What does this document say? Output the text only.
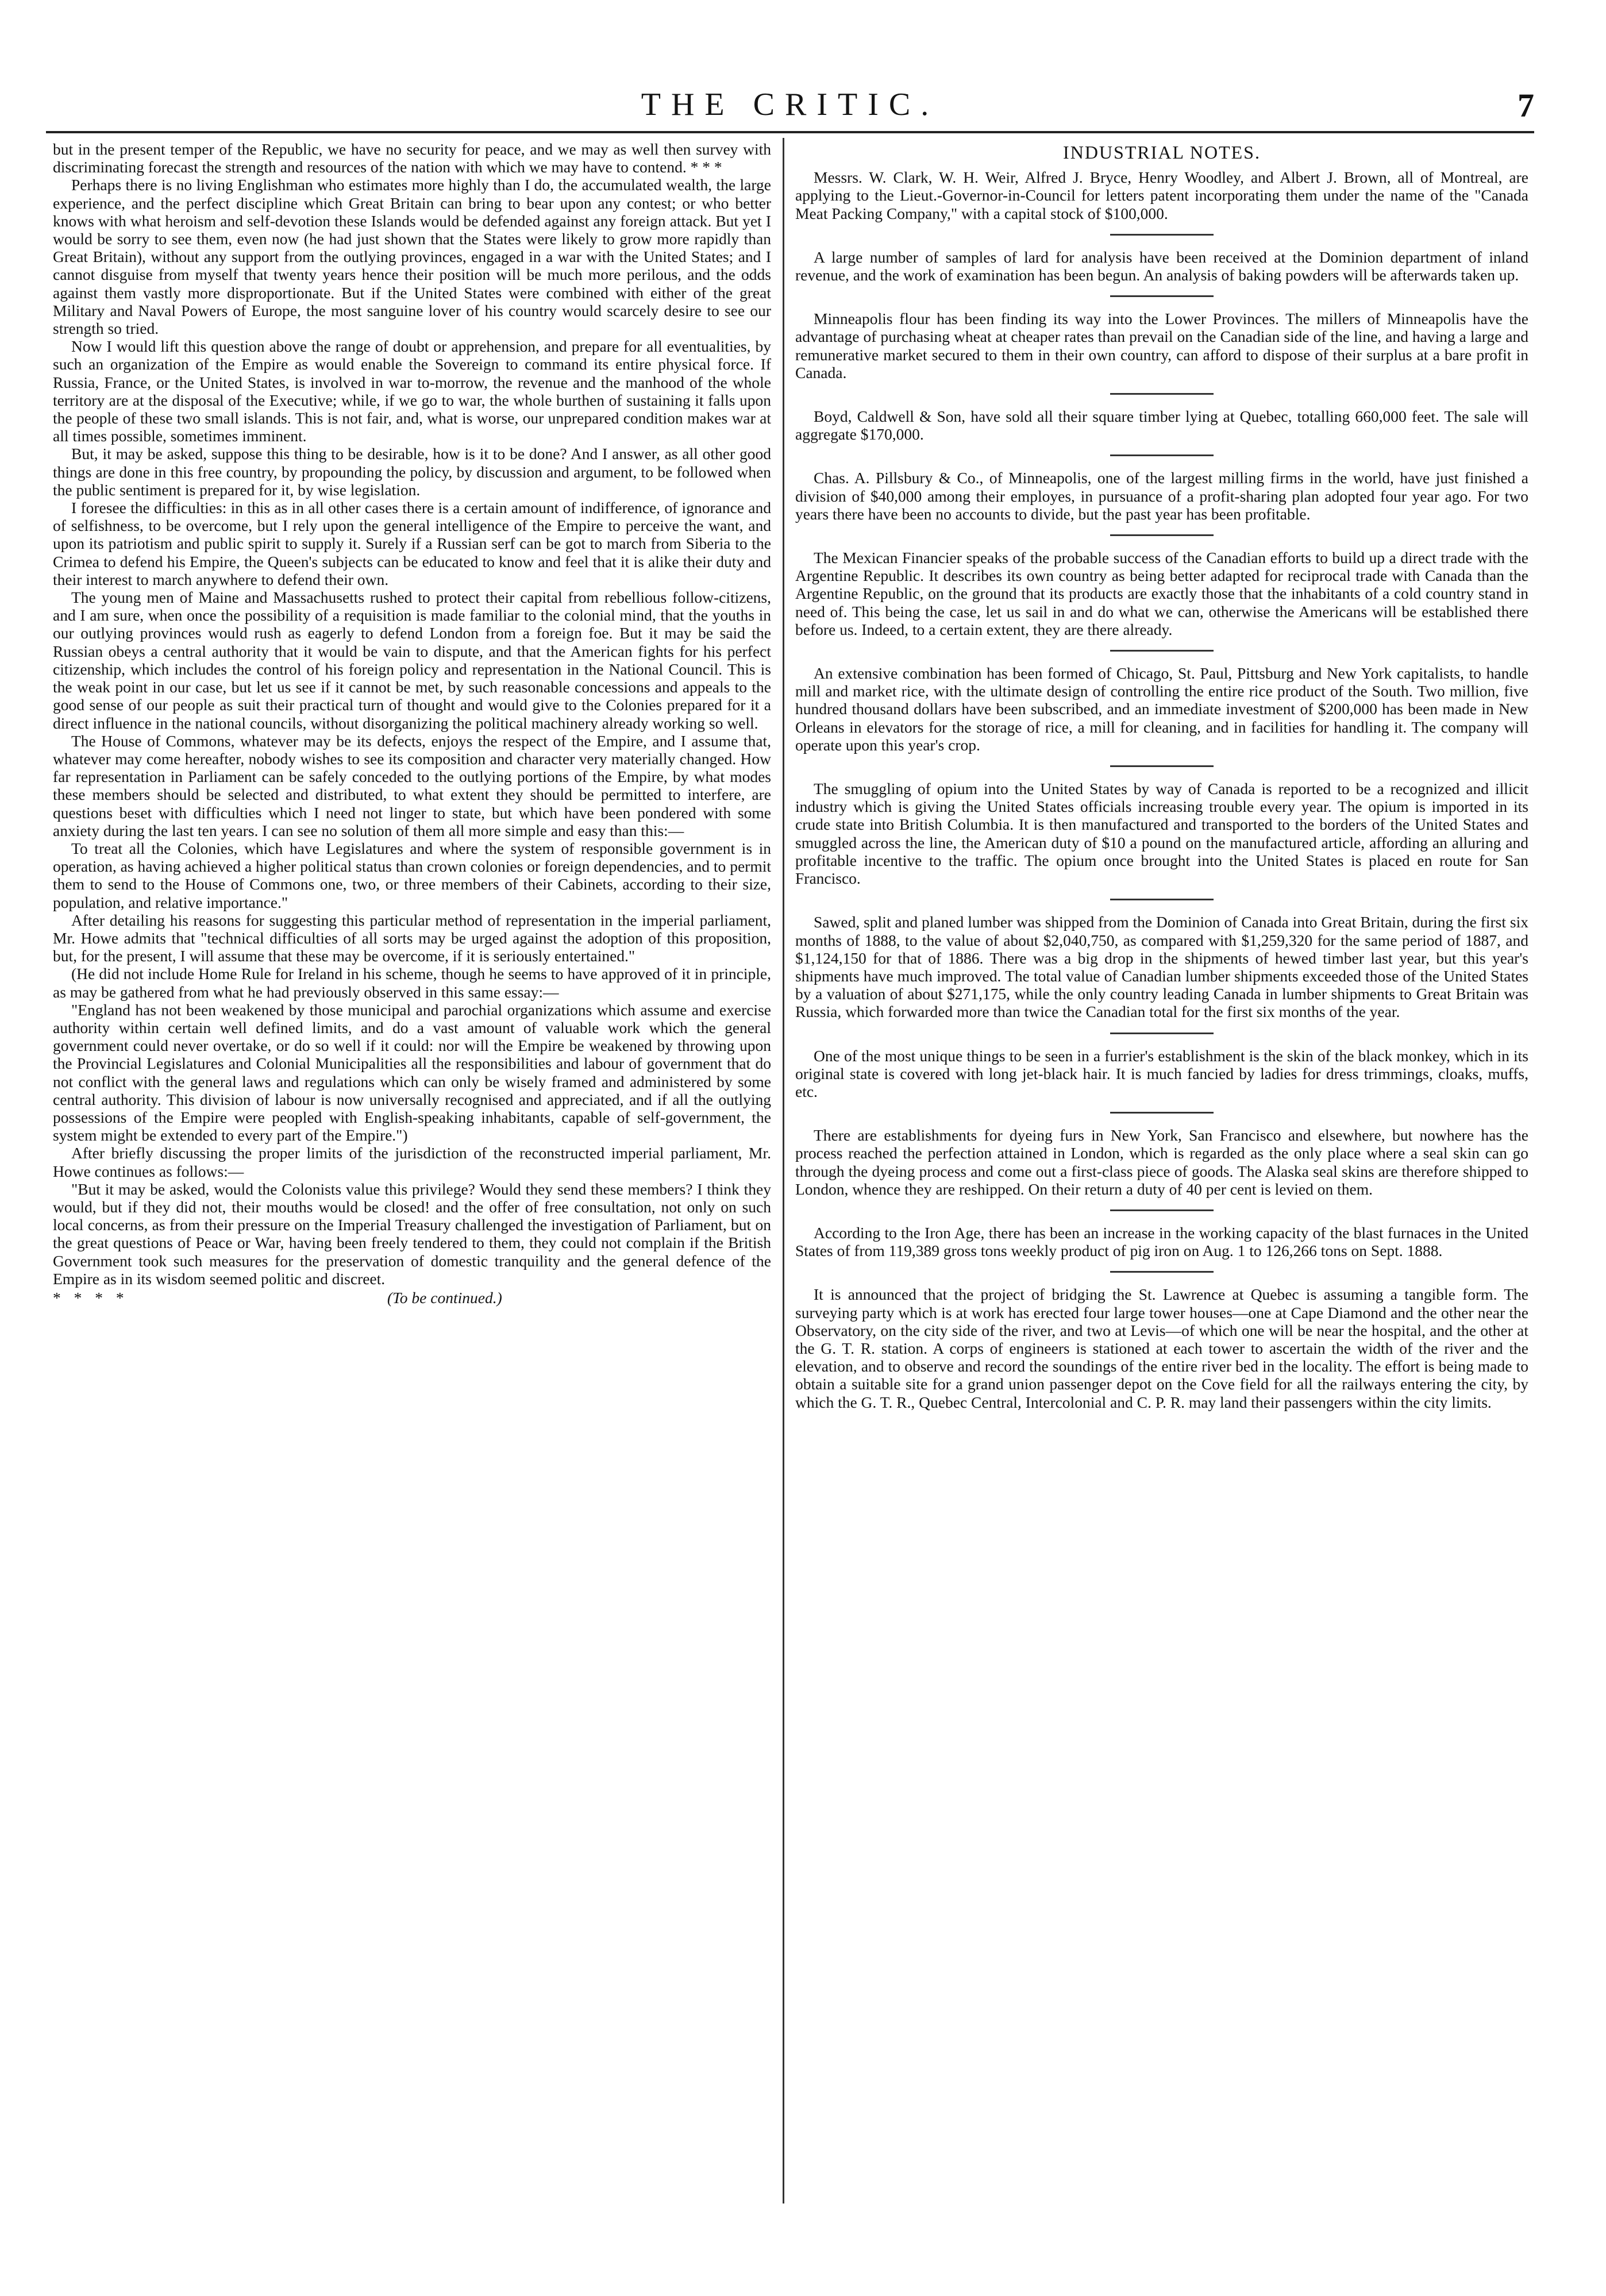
THE CRITIC.	7

but in the present temper of the Republic, we have no security for peace, and we may as well then survey with discriminating forecast the strength and resources of the nation with which we may have to contend. * * *

Perhaps there is no living Englishman who estimates more highly than I do, the accumulated wealth, the large experience, and the perfect discipline which Great Britain can bring to bear upon any contest; or who better knows with what heroism and self-devotion these Islands would be defended against any foreign attack. But yet I would be sorry to see them, even now (he had just shown that the States were likely to grow more rapidly than Great Britain), without any support from the outlying provinces, engaged in a war with the United States; and I cannot disguise from myself that twenty years hence their position will be much more perilous, and the odds against them vastly more disproportionate. But if the United States were combined with either of the great Military and Naval Powers of Europe, the most sanguine lover of his country would scarcely desire to see our strength so tried.

Now I would lift this question above the range of doubt or apprehension, and prepare for all eventualities, by such an organization of the Empire as would enable the Sovereign to command its entire physical force. If Russia, France, or the United States, is involved in war to-morrow, the revenue and the manhood of the whole territory are at the disposal of the Executive; while, if we go to war, the whole burthen of sustaining it falls upon the people of these two small islands. This is not fair, and, what is worse, our unprepared condition makes war at all times possible, sometimes imminent.

But, it may be asked, suppose this thing to be desirable, how is it to be done? And I answer, as all other good things are done in this free country, by propounding the policy, by discussion and argument, to be followed when the public sentiment is prepared for it, by wise legislation.

I foresee the difficulties: in this as in all other cases there is a certain amount of indifference, of ignorance and of selfishness, to be overcome, but I rely upon the general intelligence of the Empire to perceive the want, and upon its patriotism and public spirit to supply it. Surely if a Russian serf can be got to march from Siberia to the Crimea to defend his Empire, the Queen's subjects can be educated to know and feel that it is alike their duty and their interest to march anywhere to defend their own.

The young men of Maine and Massachusetts rushed to protect their capital from rebellious follow-citizens, and I am sure, when once the possibility of a requisition is made familiar to the colonial mind, that the youths in our outlying provinces would rush as eagerly to defend London from a foreign foe. But it may be said the Russian obeys a central authority that it would be vain to dispute, and that the American fights for his perfect citizenship, which includes the control of his foreign policy and representation in the National Council. This is the weak point in our case, but let us see if it cannot be met, by such reasonable concessions and appeals to the good sense of our people as suit their practical turn of thought and would give to the Colonies prepared for it a direct influence in the national councils, without disorganizing the political machinery already working so well.

The House of Commons, whatever may be its defects, enjoys the respect of the Empire, and I assume that, whatever may come hereafter, nobody wishes to see its composition and character very materially changed. How far representation in Parliament can be safely conceded to the outlying portions of the Empire, by what modes these members should be selected and distributed, to what extent they should be permitted to interfere, are questions beset with difficulties which I need not linger to state, but which have been pondered with some anxiety during the last ten years. I can see no solution of them all more simple and easy than this:—

To treat all the Colonies, which have Legislatures and where the system of responsible government is in operation, as having achieved a higher political status than crown colonies or foreign dependencies, and to permit them to send to the House of Commons one, two, or three members of their Cabinets, according to their size, population, and relative importance."

After detailing his reasons for suggesting this particular method of representation in the imperial parliament, Mr. Howe admits that "technical difficulties of all sorts may be urged against the adoption of this proposition, but, for the present, I will assume that these may be overcome, if it is seriously entertained."

(He did not include Home Rule for Ireland in his scheme, though he seems to have approved of it in principle, as may be gathered from what he had previously observed in this same essay:—

"England has not been weakened by those municipal and parochial organizations which assume and exercise authority within certain well defined limits, and do a vast amount of valuable work which the general government could never overtake, or do so well if it could: nor will the Empire be weakened by throwing upon the Provincial Legislatures and Colonial Municipalities all the responsibilities and labour of government that do not conflict with the general laws and regulations which can only be wisely framed and administered by some central authority. This division of labour is now universally recognised and appreciated, and if all the outlying possessions of the Empire were peopled with English-speaking inhabitants, capable of self-government, the system might be extended to every part of the Empire.")

After briefly discussing the proper limits of the jurisdiction of the reconstructed imperial parliament, Mr. Howe continues as follows:—

"But it may be asked, would the Colonists value this privilege? Would they send these members? I think they would, but if they did not, their mouths would be closed! and the offer of free consultation, not only on such local concerns, as from their pressure on the Imperial Treasury challenged the investigation of Parliament, but on the great questions of Peace or War, having been freely tendered to them, they could not complain if the British Government took such measures for the preservation of domestic tranquility and the general defence of the Empire as in its wisdom seemed politic and discreet.

* * * *	(To be continued.)
INDUSTRIAL NOTES.

Messrs. W. Clark, W. H. Weir, Alfred J. Bryce, Henry Woodley, and Albert J. Brown, all of Montreal, are applying to the Lieut.-Governor-in-Council for letters patent incorporating them under the name of the "Canada Meat Packing Company," with a capital stock of $100,000.

A large number of samples of lard for analysis have been received at the Dominion department of inland revenue, and the work of examination has been begun. An analysis of baking powders will be afterwards taken up.

Minneapolis flour has been finding its way into the Lower Provinces. The millers of Minneapolis have the advantage of purchasing wheat at cheaper rates than prevail on the Canadian side of the line, and having a large and remunerative market secured to them in their own country, can afford to dispose of their surplus at a bare profit in Canada.

Boyd, Caldwell & Son, have sold all their square timber lying at Quebec, totalling 660,000 feet. The sale will aggregate $170,000.

Chas. A. Pillsbury & Co., of Minneapolis, one of the largest milling firms in the world, have just finished a division of $40,000 among their employes, in pursuance of a profit-sharing plan adopted four year ago. For two years there have been no accounts to divide, but the past year has been profitable.

The Mexican Financier speaks of the probable success of the Canadian efforts to build up a direct trade with the Argentine Republic. It describes its own country as being better adapted for reciprocal trade with Canada than the Argentine Republic, on the ground that its products are exactly those that the inhabitants of a cold country stand in need of. This being the case, let us sail in and do what we can, otherwise the Americans will be established there before us. Indeed, to a certain extent, they are there already.

An extensive combination has been formed of Chicago, St. Paul, Pittsburg and New York capitalists, to handle mill and market rice, with the ultimate design of controlling the entire rice product of the South. Two million, five hundred thousand dollars have been subscribed, and an immediate investment of $200,000 has been made in New Orleans in elevators for the storage of rice, a mill for cleaning, and in facilities for handling it. The company will operate upon this year's crop.

The smuggling of opium into the United States by way of Canada is reported to be a recognized and illicit industry which is giving the United States officials increasing trouble every year. The opium is imported in its crude state into British Columbia. It is then manufactured and transported to the borders of the United States and smuggled across the line, the American duty of $10 a pound on the manufactured article, affording an alluring and profitable incentive to the traffic. The opium once brought into the United States is placed en route for San Francisco.

Sawed, split and planed lumber was shipped from the Dominion of Canada into Great Britain, during the first six months of 1888, to the value of about $2,040,750, as compared with $1,259,320 for the same period of 1887, and $1,124,150 for that of 1886. There was a big drop in the shipments of hewed timber last year, but this year's shipments have much improved. The total value of Canadian lumber shipments exceeded those of the United States by a valuation of about $271,175, while the only country leading Canada in lumber shipments to Great Britain was Russia, which forwarded more than twice the Canadian total for the first six months of the year.

One of the most unique things to be seen in a furrier's establishment is the skin of the black monkey, which in its original state is covered with long jet-black hair. It is much fancied by ladies for dress trimmings, cloaks, muffs, etc.

There are establishments for dyeing furs in New York, San Francisco and elsewhere, but nowhere has the process reached the perfection attained in London, which is regarded as the only place where a seal skin can go through the dyeing process and come out a first-class piece of goods. The Alaska seal skins are therefore shipped to London, whence they are reshipped. On their return a duty of 40 per cent is levied on them.

According to the Iron Age, there has been an increase in the working capacity of the blast furnaces in the United States of from 119,389 gross tons weekly product of pig iron on Aug. 1 to 126,266 tons on Sept. 1888.

It is announced that the project of bridging the St. Lawrence at Quebec is assuming a tangible form. The surveying party which is at work has erected four large tower houses—one at Cape Diamond and the other near the Observatory, on the city side of the river, and two at Levis—of which one will be near the hospital, and the other at the G. T. R. station. A corps of engineers is stationed at each tower to ascertain the width of the river and the elevation, and to observe and record the soundings of the entire river bed in the locality. The effort is being made to obtain a suitable site for a grand union passenger depot on the Cove field for all the railways entering the city, by which the G. T. R., Quebec Central, Intercolonial and C. P. R. may land their passengers within the city limits.
